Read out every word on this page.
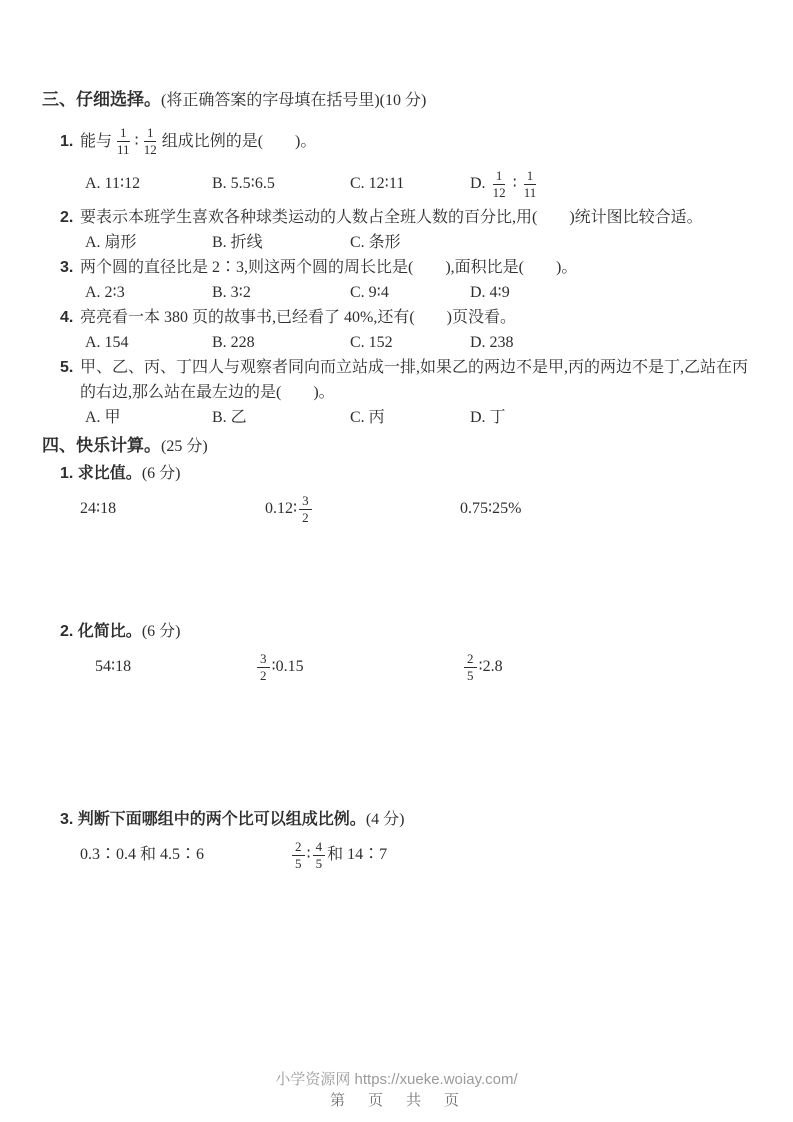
三、仔细选择。(将正确答案的字母填在括号里)(10 分)
1. 能与 $\frac{1}{11}$ ∶ $\frac{1}{12}$ 组成比例的是(　　)。
A. 11∶12	B. 5.5∶6.5	C. 12∶11	D. $\frac{1}{12}$ ∶ $\frac{1}{11}$
2. 要表示本班学生喜欢各种球类运动的人数占全班人数的百分比,用(　　)统计图比较合适。
A. 扇形	B. 折线	C. 条形
3. 两个圆的直径比是 2∶3,则这两个圆的周长比是(　　),面积比是(　　)。
A. 2∶3	B. 3∶2	C. 9∶4	D. 4∶9
4. 亮亮看一本 380 页的故事书,已经看了 40%,还有(　　)页没看。
A. 154	B. 228	C. 152	D. 238
5. 甲、乙、丙、丁四人与观察者同向而立站成一排,如果乙的两边不是甲,丙的两边不是丁,乙站在丙的右边,那么站在最左边的是(　　)。
A. 甲	B. 乙	C. 丙	D. 丁
四、快乐计算。(25 分)
1. 求比值。(6 分)
24∶18	0.12∶ $\frac{3}{2}$	0.75∶25%
2. 化简比。(6 分)
54∶18	$\frac{3}{2}$ ∶0.15	$\frac{2}{5}$ ∶2.8
3. 判断下面哪组中的两个比可以组成比例。(4 分)
0.3∶0.4 和 4.5∶6	$\frac{2}{5}$ ∶ $\frac{4}{5}$ 和 14∶7
小学资源网 https://xueke.woiay.com/
第　页　共　页
